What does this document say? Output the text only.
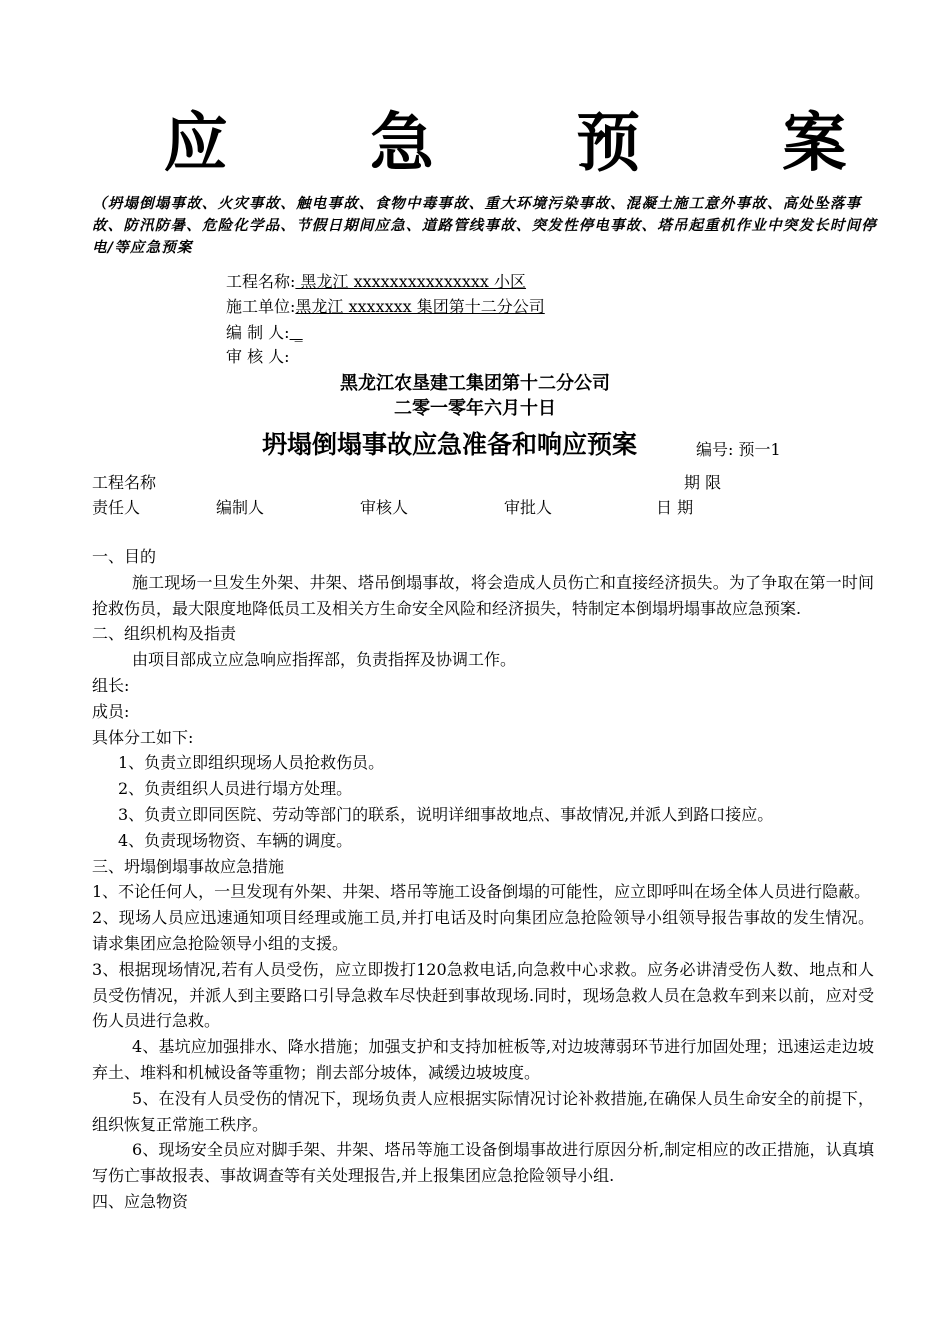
应 急 预 案
（坍塌倒塌事故、火灾事故、触电事故、食物中毒事故、重大环境污染事故、混凝土施工意外事故、高处坠落事故、防汛防暑、危险化学品、节假日期间应急、道路管线事故、突发性停电事故、塔吊起重机作业中突发长时间停电/等应急预案
工程名称: 黑龙江 xxxxxxxxxxxxxxx 小区
施工单位:黑龙江 xxxxxxx 集团第十二分公司
编 制 人: _
审 核 人:
黑龙江农垦建工集团第十二分公司
二零一零年六月十日
坍塌倒塌事故应急准备和响应预案	编号: 预一1
工程名称	期 限
责任人	编制人	审核人	审批人	日 期

一、目的

施工现场一旦发生外架、井架、塔吊倒塌事故，将会造成人员伤亡和直接经济损失。为了争取在第一时间抢救伤员，最大限度地降低员工及相关方生命安全风险和经济损失，特制定本倒塌坍塌事故应急预案.

二、组织机构及指责

由项目部成立应急响应指挥部，负责指挥及协调工作。

组长:

成员:

具体分工如下:

1、负责立即组织现场人员抢救伤员。

2、负责组织人员进行塌方处理。

3、负责立即同医院、劳动等部门的联系，说明详细事故地点、事故情况,并派人到路口接应。

4、负责现场物资、车辆的调度。

三、坍塌倒塌事故应急措施

1、不论任何人，一旦发现有外架、井架、塔吊等施工设备倒塌的可能性，应立即呼叫在场全体人员进行隐蔽。

2、现场人员应迅速通知项目经理或施工员,并打电话及时向集团应急抢险领导小组领导报告事故的发生情况。请求集团应急抢险领导小组的支援。

3、根据现场情况,若有人员受伤，应立即拨打120急救电话,向急救中心求救。应务必讲清受伤人数、地点和人员受伤情况，并派人到主要路口引导急救车尽快赶到事故现场.同时，现场急救人员在急救车到来以前，应对受伤人员进行急救。

4、基坑应加强排水、降水措施；加强支护和支持加桩板等,对边坡薄弱环节进行加固处理；迅速运走边坡弃土、堆料和机械设备等重物；削去部分坡体，减缓边坡坡度。

5、在没有人员受伤的情况下，现场负责人应根据实际情况讨论补救措施,在确保人员生命安全的前提下，组织恢复正常施工秩序。

6、现场安全员应对脚手架、井架、塔吊等施工设备倒塌事故进行原因分析,制定相应的改正措施，认真填写伤亡事故报表、事故调查等有关处理报告,并上报集团应急抢险领导小组.

四、应急物资
